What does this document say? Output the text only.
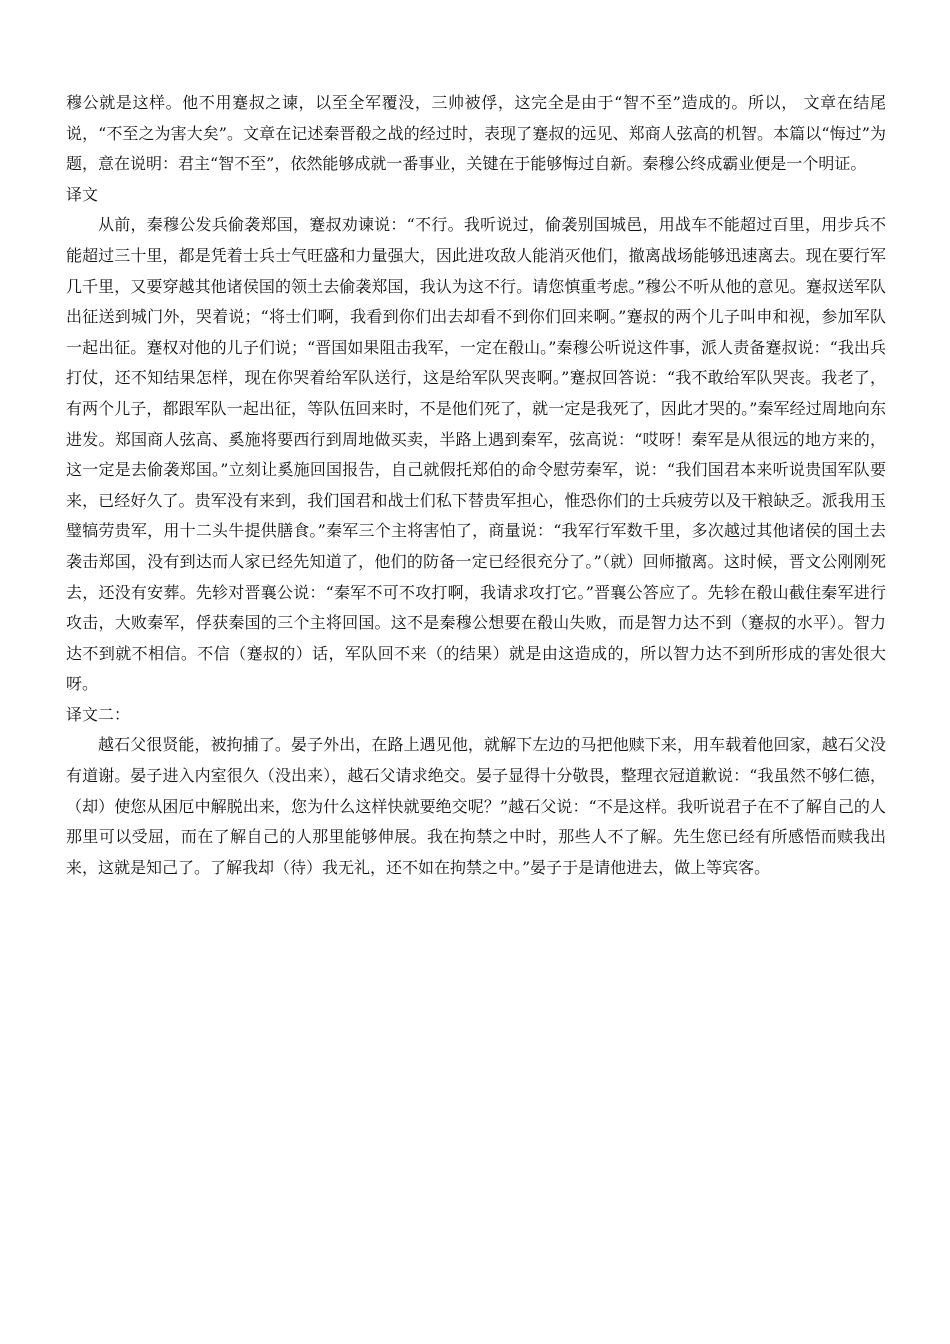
穆公就是这样。他不用蹇叔之谏，以至全军覆没，三帅被俘，这完全是由于“智不至”造成的。所以， 文章在结尾说，“不至之为害大矣”。文章在记述秦晋殽之战的经过时，表现了蹇叔的远见、郑商人弦高的机智。本篇以“悔过”为题，意在说明：君主“智不至”，依然能够成就一番事业，关键在于能够悔过自新。秦穆公终成霸业便是一个明证。

译文

从前，秦穆公发兵偷袭郑国，蹇叔劝谏说：“不行。我听说过，偷袭别国城邑，用战车不能超过百里，用步兵不能超过三十里，都是凭着士兵士气旺盛和力量强大，因此进攻敌人能消灭他们，撤离战场能够迅速离去。现在要行军几千里，又要穿越其他诸侯国的领土去偷袭郑国，我认为这不行。请您慎重考虑。”穆公不听从他的意见。蹇叔送军队出征送到城门外，哭着说；“将士们啊，我看到你们出去却看不到你们回来啊。”蹇叔的两个儿子叫申和视，参加军队一起出征。蹇权对他的儿子们说；“晋国如果阻击我军，一定在殽山。”秦穆公听说这件事，派人责备蹇叔说：“我出兵打仗，还不知结果怎样，现在你哭着给军队送行，这是给军队哭丧啊。”蹇叔回答说：“我不敢给军队哭丧。我老了，有两个儿子，都跟军队一起出征，等队伍回来时，不是他们死了，就一定是我死了，因此才哭的。”秦军经过周地向东进发。郑国商人弦高、奚施将要西行到周地做买卖，半路上遇到秦军，弦高说：“哎呀！秦军是从很远的地方来的，这一定是去偷袭郑国。”立刻让奚施回国报告，自己就假托郑伯的命令慰劳秦军，说：“我们国君本来听说贵国军队要来，已经好久了。贵军没有来到，我们国君和战士们私下替贵军担心，惟恐你们的士兵疲劳以及干粮缺乏。派我用玉璧犒劳贵军，用十二头牛提供膳食。”秦军三个主将害怕了，商量说：“我军行军数千里，多次越过其他诸侯的国土去袭击郑国，没有到达而人家已经先知道了，他们的防备一定已经很充分了。”（就）回师撤离。这时候，晋文公刚刚死去，还没有安葬。先轸对晋襄公说：“秦军不可不攻打啊，我请求攻打它。”晋襄公答应了。先轸在殽山截住秦军进行攻击，大败秦军，俘获秦国的三个主将回国。这不是秦穆公想要在殽山失败，而是智力达不到（蹇叔的水平）。智力达不到就不相信。不信（蹇叔的）话，军队回不来（的结果）就是由这造成的，所以智力达不到所形成的害处很大呀。

译文二：

越石父很贤能，被拘捕了。晏子外出，在路上遇见他，就解下左边的马把他赎下来，用车载着他回家，越石父没有道谢。晏子进入内室很久（没出来），越石父请求绝交。晏子显得十分敬畏，整理衣冠道歉说：“我虽然不够仁德，（却）使您从困厄中解脱出来，您为什么这样快就要绝交呢？”越石父说：“不是这样。我听说君子在不了解自己的人那里可以受屈，而在了解自己的人那里能够伸展。我在拘禁之中时，那些人不了解。先生您已经有所感悟而赎我出来，这就是知己了。了解我却（待）我无礼，还不如在拘禁之中。”晏子于是请他进去，做上等宾客。
